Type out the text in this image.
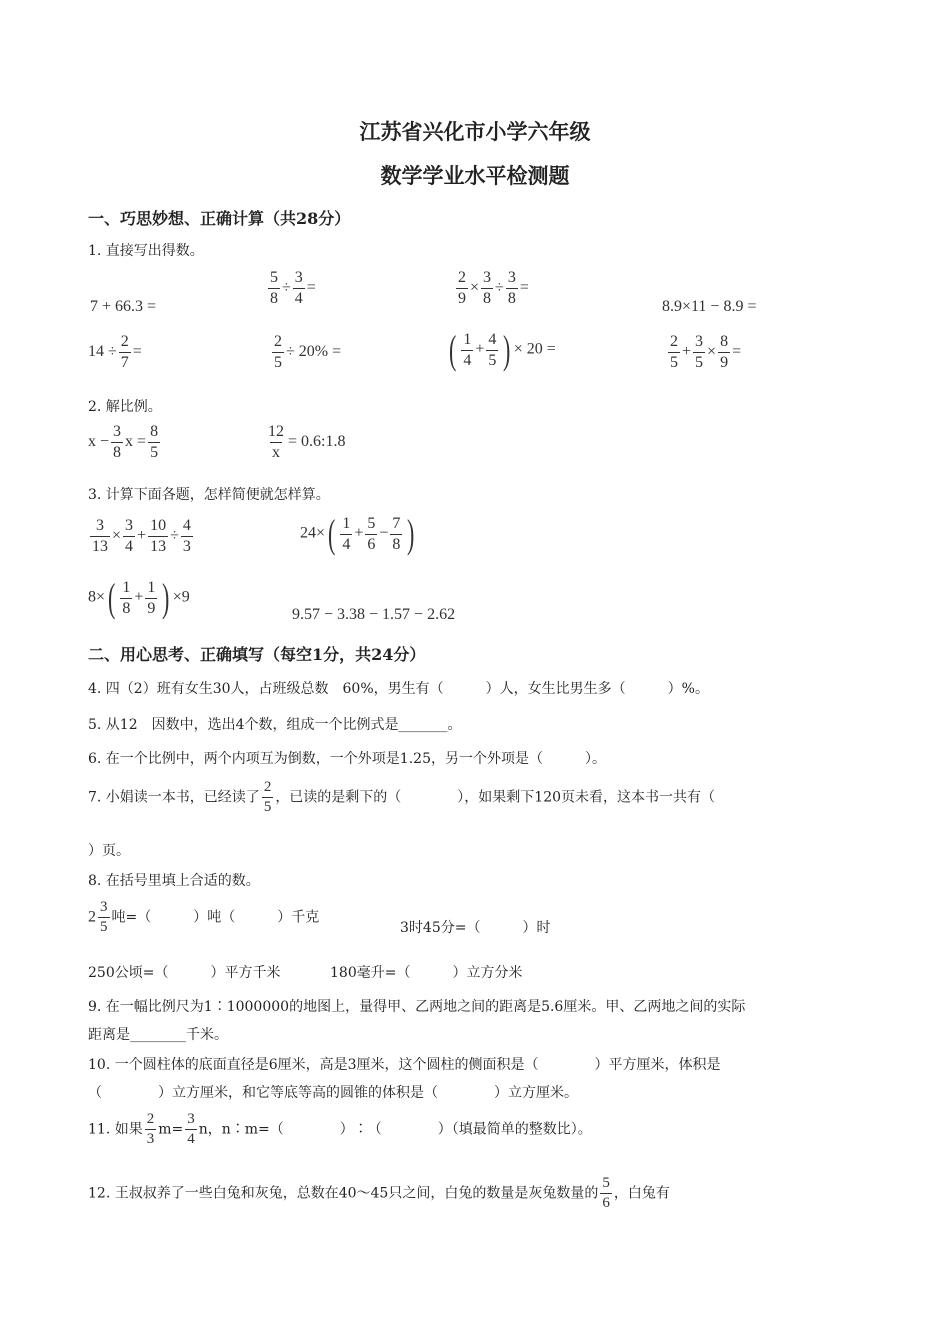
江苏省兴化市小学六年级
数学学业水平检测题
一、巧思妙想、正确计算（共28分）
1. 直接写出得数。
7 + 66.3 =	$\frac{5}{8} \div \frac{3}{4}$ =	$\frac{2}{9} \times \frac{3}{8} \div \frac{3}{8}$ =
8.9×11 − 8.9 =
$14 \div \frac{2}{7}$ =	$\frac{2}{5} \div 20\%$ =	( $\frac{1}{4} + \frac{4}{5}$ ) × 20 =	$\frac{2}{5} + \frac{3}{5} \times \frac{8}{9}$ =
2. 解比例。
$x - \frac{3}{8}$ $x = \frac{8}{5}$	$\frac{12}{x}$ = 0.6:1.8
3. 计算下面各题，怎样简便就怎样算。
$\frac{3}{13} \times \frac{3}{4} + \frac{10}{13} \div \frac{4}{3}$	$24\times( \frac{1}{4} + \frac{5}{6} - \frac{7}{8}$ )
$8\times( \frac{1}{8} + \frac{1}{9}$ ) ×9
9.57 − 3.38 − 1.57 − 2.62
二、用心思考、正确填写（每空1分，共24分）
4. 四（2）班有女生30人，占班级总数　60%，男生有（　　　）人，女生比男生多（　　　）%。
5. 从12　因数中，选出4个数，组成一个比例式是_______。
6. 在一个比例中，两个内项互为倒数，一个外项是1.25，另一个外项是（　　　）。
7. 小娟读一本书，已经读了 $\frac{2}{5}$ ，已读的是剩下的（　　　　），如果剩下120页未看，这本书一共有（
）页。
8. 在括号里填上合适的数。
$2 \frac{3}{5}$ 吨=（　　　）吨（　　　）千克
3时45分=（　　　）时
250公顷=（　　　）平方千米	180毫升=（　　　）立方分米
9. 在一幅比例尺为1∶1000000的地图上，量得甲、乙两地之间的距离是5.6厘米。甲、乙两地之间的实际
距离是________千米。
10. 一个圆柱体的底面直径是6厘米，高是3厘米，这个圆柱的侧面积是（　　　　）平方厘米，体积是
（　　　　）立方厘米，和它等底等高的圆锥的体积是（　　　　）立方厘米。
11. 如果 $\frac{2}{3} m= \frac{3}{4}$ n，n∶m=（　　　　）∶（　　　　）（填最简单的整数比）。
12. 王叔叔养了一些白兔和灰兔，总数在40～45只之间，白兔的数量是灰兔数量的 $\frac{5}{6}$ ，白兔有
